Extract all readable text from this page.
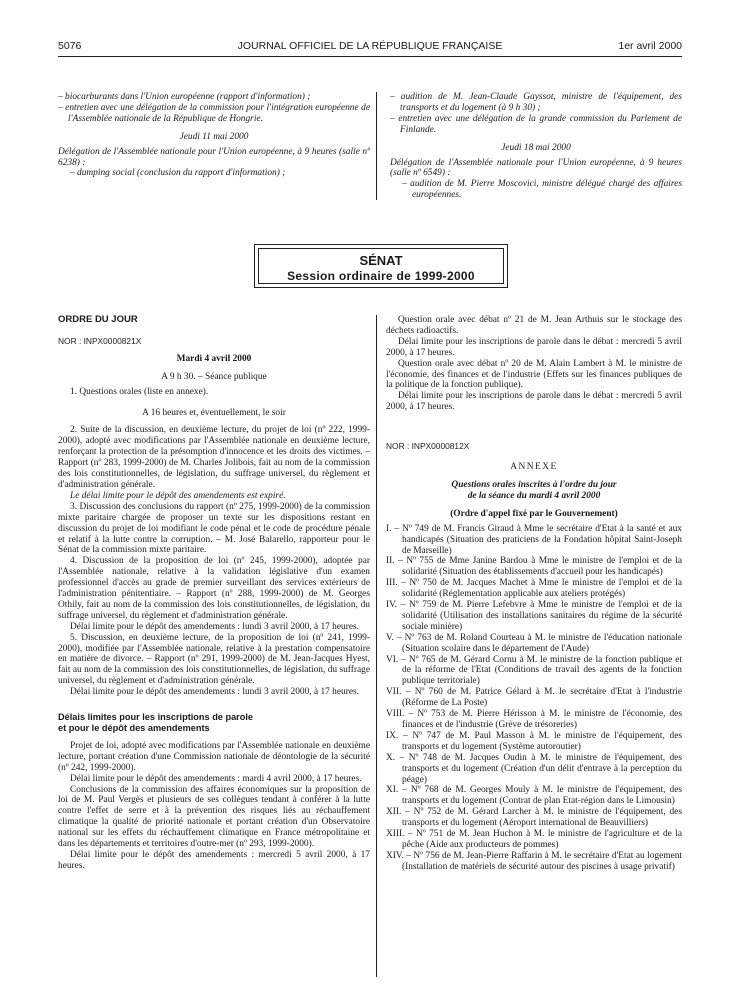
5076	JOURNAL OFFICIEL DE LA RÉPUBLIQUE FRANÇAISE	1er avril 2000

– biocarburants dans l'Union européenne (rapport d'information) ;

– entretien avec une délégation de la commission pour l'intégration européenne de l'Assemblée nationale de la République de Hongrie.

Jeudi 11 mai 2000

Délégation de l'Assemblée nationale pour l'Union européenne, à 9 heures (salle nº 6238) :

– dumping social (conclusion du rapport d'information) ;

– audition de M. Jean-Claude Gayssot, ministre de l'équipement, des transports et du logement (à 9 h 30) ;

– entretien avec une délégation de la grande commission du Parlement de Finlande.

Jeudi 18 mai 2000

Délégation de l'Assemblée nationale pour l'Union européenne, à 9 heures (salle nº 6549) :

– audition de M. Pierre Moscovici, ministre délégué chargé des affaires européennes.

SÉNAT
Session ordinaire de 1999-2000

ORDRE DU JOUR

NOR : INPX0000821X

Mardi 4 avril 2000

A 9 h 30. – Séance publique

1. Questions orales (liste en annexe).

A 16 heures et, éventuellement, le soir

2. Suite de la discussion, en deuxième lecture, du projet de loi (nº 222, 1999-2000), adopté avec modifications par l'Assemblée nationale en deuxième lecture, renforçant la protection de la présomption d'innocence et les droits des victimes. – Rapport (nº 283, 1999-2000) de M. Charles Jolibois, fait au nom de la commission des lois constitutionnelles, de législation, du suffrage universel, du règlement et d'administration générale.

Le délai limite pour le dépôt des amendements est expiré.

3. Discussion des conclusions du rapport (nº 275, 1999-2000) de la commission mixte paritaire chargée de proposer un texte sur les dispositions restant en discussion du projet de loi modifiant le code pénal et le code de procédure pénale et relatif à la lutte contre la corruption. – M. José Balarello, rapporteur pour le Sénat de la commission mixte paritaire.

4. Discussion de la proposition de loi (nº 245, 1999-2000), adoptée par l'Assemblée nationale, relative à la validation législative d'un examen professionnel d'accès au grade de premier surveillant des services extérieurs de l'administration pénitentiaire. – Rapport (nº 288, 1999-2000) de M. Georges Othily, fait au nom de la commission des lois constitutionnelles, de législation, du suffrage universel, du règlement et d'administration générale.

Délai limite pour le dépôt des amendements : lundi 3 avril 2000, à 17 heures.

5. Discussion, en deuxième lecture, de la proposition de loi (nº 241, 1999-2000), modifiée par l'Assemblée nationale, relative à la prestation compensatoire en matière de divorce. – Rapport (nº 291, 1999-2000) de M. Jean-Jacques Hyest, fait au nom de la commission des lois constitutionnelles, de législation, du suffrage universel, du règlement et d'administration générale.

Délai limite pour le dépôt des amendements : lundi 3 avril 2000, à 17 heures.

Délais limites pour les inscriptions de parole

et pour le dépôt des amendements

Projet de loi, adopté avec modifications par l'Assemblée nationale en deuxième lecture, portant création d'une Commission nationale de déontologie de la sécurité (nº 242, 1999-2000).

Délai limite pour le dépôt des amendements : mardi 4 avril 2000, à 17 heures.

Conclusions de la commission des affaires économiques sur la proposition de loi de M. Paul Vergès et plusieurs de ses collègues tendant à conférer à la lutte contre l'effet de serre et à la prévention des risques liés au réchauffement climatique la qualité de priorité nationale et portant création d'un Observatoire national sur les effets du réchauffement climatique en France métropolitaine et dans les départements et territoires d'outre-mer (nº 293, 1999-2000).

Délai limite pour le dépôt des amendements : mercredi 5 avril 2000, à 17 heures.

Question orale avec débat nº 21 de M. Jean Arthuis sur le stockage des déchets radioactifs.

Délai limite pour les inscriptions de parole dans le débat : mercredi 5 avril 2000, à 17 heures.

Question orale avec débat nº 20 de M. Alain Lambert à M. le ministre de l'économie, des finances et de l'industrie (Effets sur les finances publiques de la politique de la fonction publique).

Délai limite pour les inscriptions de parole dans le débat : mercredi 5 avril 2000, à 17 heures.

NOR : INPX0000812X

ANNEXE

Questions orales inscrites à l'ordre du jour

de la séance du mardi 4 avril 2000

(Ordre d'appel fixé par le Gouvernement)

I. – Nº 749 de M. Francis Giraud à Mme le secrétaire d'Etat à la santé et aux handicapés (Situation des praticiens de la Fondation hôpital Saint-Joseph de Marseille)

II. – Nº 755 de Mme Janine Bardou à Mme le ministre de l'emploi et de la solidarité (Situation des établissements d'accueil pour les handicapés)

III. – Nº 750 de M. Jacques Machet à Mme le ministre de l'emploi et de la solidarité (Réglementation applicable aux ateliers protégés)

IV. – Nº 759 de M. Pierre Lefebvre à Mme le ministre de l'emploi et de la solidarité (Utilisation des installations sanitaires du régime de la sécurité sociale minière)

V. – Nº 763 de M. Roland Courteau à M. le ministre de l'éducation nationale (Situation scolaire dans le département de l'Aude)

VI. – Nº 765 de M. Gérard Cornu à M. le ministre de la fonction publique et de la réforme de l'Etat (Conditions de travail des agents de la fonction publique territoriale)

VII. – Nº 760 de M. Patrice Gélard à M. le secrétaire d'Etat à l'industrie (Réforme de La Poste)

VIII. – Nº 753 de M. Pierre Hérisson à M. le ministre de l'économie, des finances et de l'industrie (Grève de trésoreries)

IX. – Nº 747 de M. Paul Masson à M. le ministre de l'équipement, des transports et du logement (Système autoroutier)

X. – Nº 748 de M. Jacques Oudin à M. le ministre de l'équipement, des transports et du logement (Création d'un délit d'entrave à la perception du péage)

XI. – Nº 768 de M. Georges Mouly à M. le ministre de l'équipement, des transports et du logement (Contrat de plan Etat-région dans le Limousin)

XII. – Nº 752 de M. Gérard Larcher à M. le ministre de l'équipement, des transports et du logement (Aéroport international de Beauvilliers)

XIII. – Nº 751 de M. Jean Huchon à M. le ministre de l'agriculture et de la pêche (Aide aux producteurs de pommes)

XIV. – Nº 756 de M. Jean-Pierre Raffarin à M. le secrétaire d'Etat au logement (Installation de matériels de sécurité autour des piscines à usage privatif)
